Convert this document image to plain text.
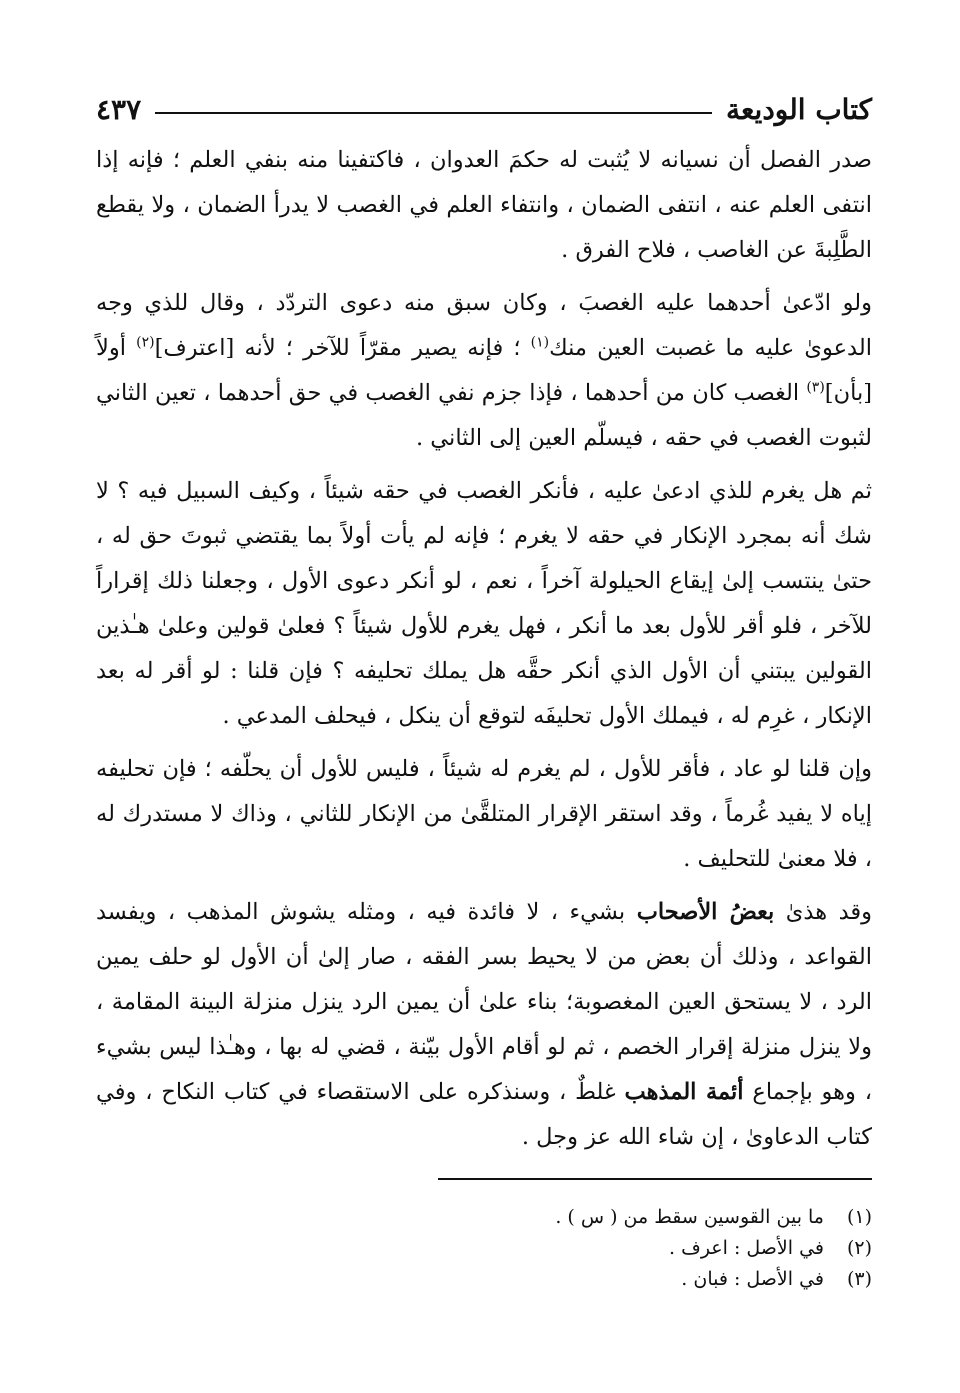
كتاب الوديعة
٤٣٧

صدر الفصل أن نسيانه لا يُثبت له حكمَ العدوان ، فاكتفينا منه بنفي العلم ؛ فإنه إذا انتفى العلم عنه ، انتفى الضمان ، وانتفاء العلم في الغصب لا يدرأ الضمان ، ولا يقطع الطَّلِبةَ عن الغاصب ، فلاح الفرق .

ولو ادّعىٰ أحدهما عليه الغصبَ ، وكان سبق منه دعوى التردّد ، وقال للذي وجه الدعوىٰ عليه ما غصبت العين منك$^{(١)}$ ؛ فإنه يصير مقرّاً للآخر ؛ لأنه [اعترف]$^{(٢)}$ أولاً [بأن]$^{(٣)}$ الغصب كان من أحدهما ، فإذا جزم نفي الغصب في حق أحدهما ، تعين الثاني لثبوت الغصب في حقه ، فيسلّم العين إلى الثاني .

ثم هل يغرم للذي ادعىٰ عليه ، فأنكر الغصب في حقه شيئاً ، وكيف السبيل فيه ؟ لا شك أنه بمجرد الإنكار في حقه لا يغرم ؛ فإنه لم يأت أولاً بما يقتضي ثبوتَ حق له ، حتىٰ ينتسب إلىٰ إيقاع الحيلولة آخراً ، نعم ، لو أنكر دعوى الأول ، وجعلنا ذلك إقراراً للآخر ، فلو أقر للأول بعد ما أنكر ، فهل يغرم للأول شيئاً ؟ فعلىٰ قولين وعلىٰ هـٰذين القولين يبتني أن الأول الذي أنكر حقَّه هل يملك تحليفه ؟ فإن قلنا : لو أقر له بعد الإنكار ، غرِم له ، فيملك الأول تحليفَه لتوقع أن ينكل ، فيحلف المدعي .

وإن قلنا لو عاد ، فأقر للأول ، لم يغرم له شيئاً ، فليس للأول أن يحلّفه ؛ فإن تحليفه إياه لا يفيد غُرماً ، وقد استقر الإقرار المتلقَّىٰ من الإنكار للثاني ، وذاك لا مستدرك له ، فلا معنىٰ للتحليف .

وقد هذىٰ بعضُ الأصحاب بشيء ، لا فائدة فيه ، ومثله يشوش المذهب ، ويفسد القواعد ، وذلك أن بعض من لا يحيط بسر الفقه ، صار إلىٰ أن الأول لو حلف يمين الرد ، لا يستحق العين المغصوبة؛ بناء علىٰ أن يمين الرد ينزل منزلة البينة المقامة ، ولا ينزل منزلة إقرار الخصم ، ثم لو أقام الأول بيّنة ، قضي له بها ، وهـٰذا ليس بشيء ، وهو بإجماع أئمة المذهب غلطٌ ، وسنذكره على الاستقصاء في كتاب النكاح ، وفي كتاب الدعاوىٰ ، إن شاء الله عز وجل .

(١)
ما بين القوسين سقط من ( س ) .
(٢)
في الأصل : اعرف .
(٣)
في الأصل : فبان .
